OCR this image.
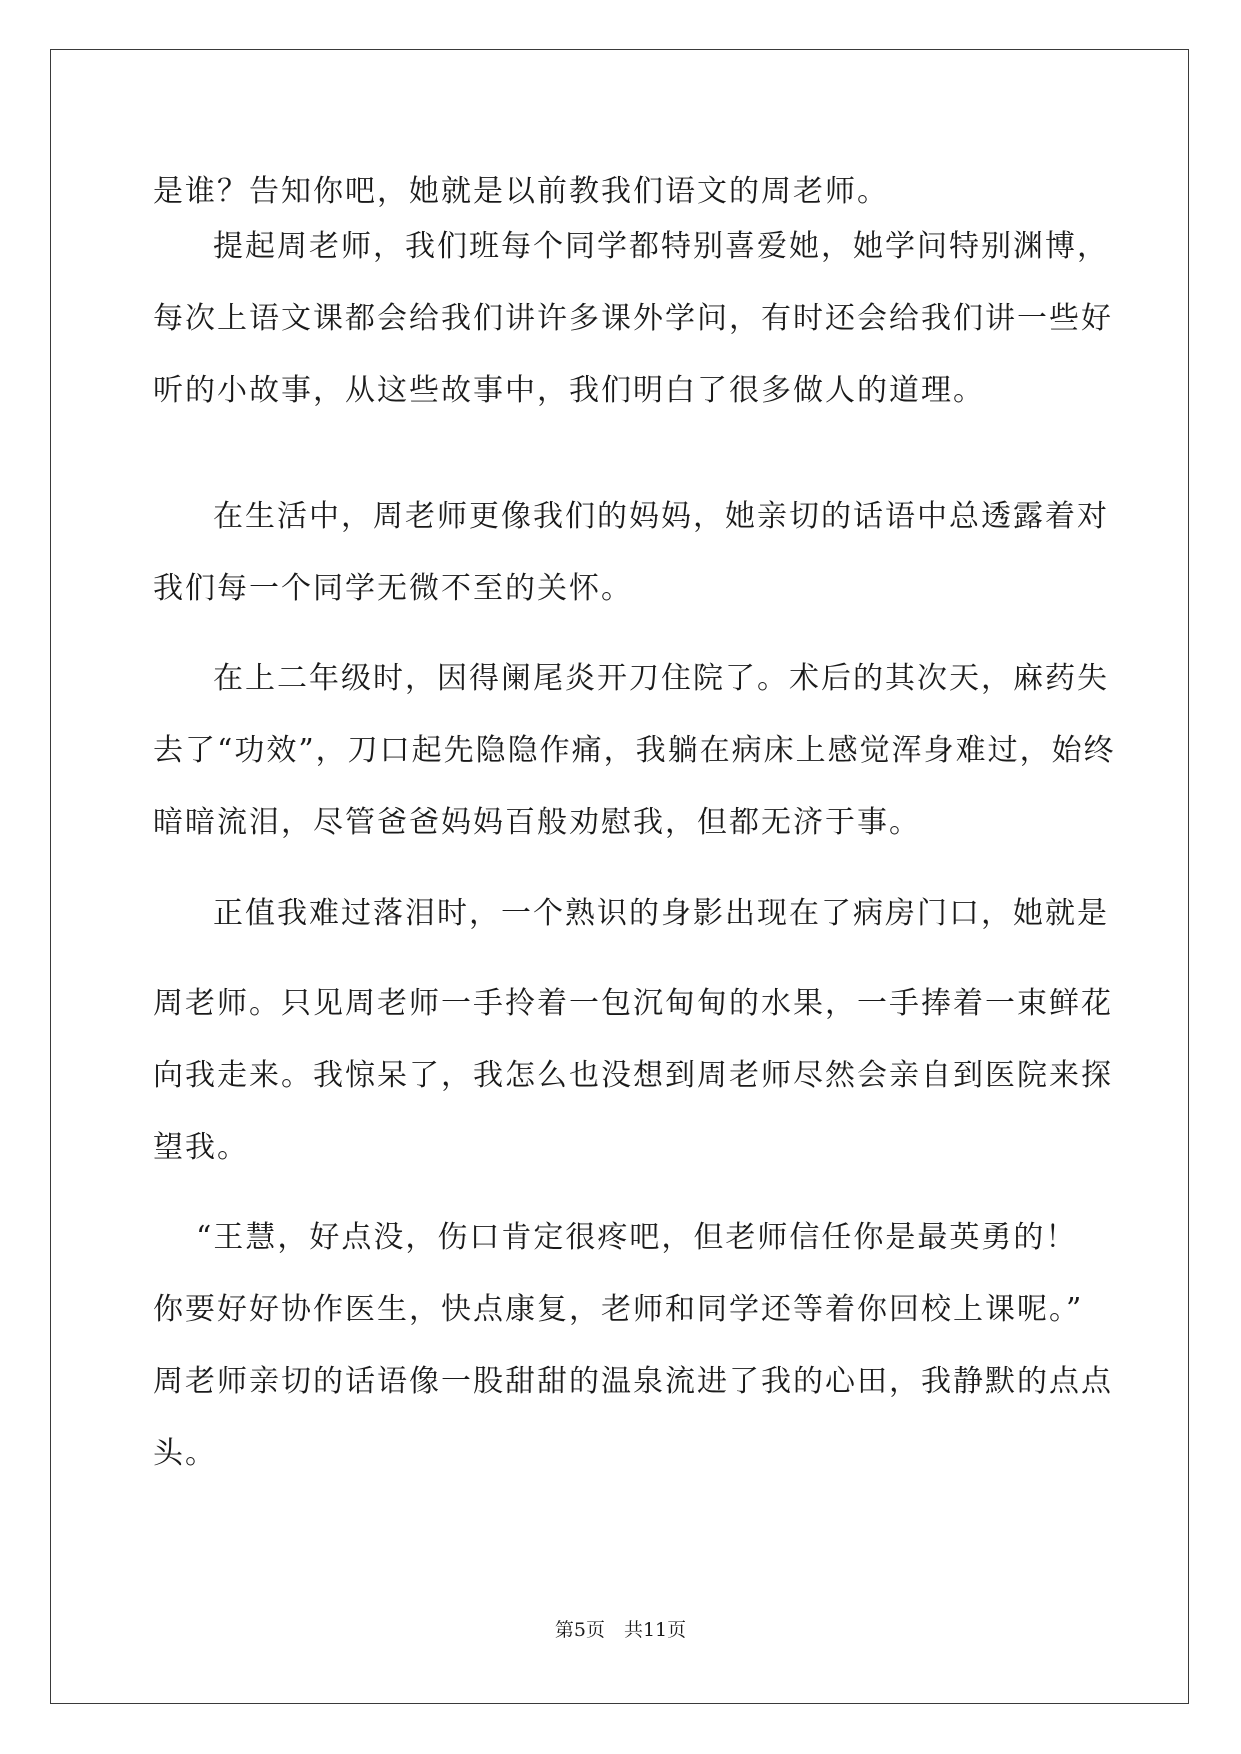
是谁？告知你吧，她就是以前教我们语文的周老师。

提起周老师，我们班每个同学都特别喜爱她，她学问特别渊博，

每次上语文课都会给我们讲许多课外学问，有时还会给我们讲一些好

听的小故事，从这些故事中，我们明白了很多做人的道理。

在生活中，周老师更像我们的妈妈，她亲切的话语中总透露着对

我们每一个同学无微不至的关怀。

在上二年级时，因得阑尾炎开刀住院了。术后的其次天，麻药失

去了“功效”，刀口起先隐隐作痛，我躺在病床上感觉浑身难过，始终

暗暗流泪，尽管爸爸妈妈百般劝慰我，但都无济于事。

正值我难过落泪时，一个熟识的身影出现在了病房门口，她就是

周老师。只见周老师一手拎着一包沉甸甸的水果，一手捧着一束鲜花

向我走来。我惊呆了，我怎么也没想到周老师尽然会亲自到医院来探

望我。

“王慧，好点没，伤口肯定很疼吧，但老师信任你是最英勇的！

你要好好协作医生，快点康复，老师和同学还等着你回校上课呢。”

周老师亲切的话语像一股甜甜的温泉流进了我的心田，我静默的点点

头。

第5页　共11页
